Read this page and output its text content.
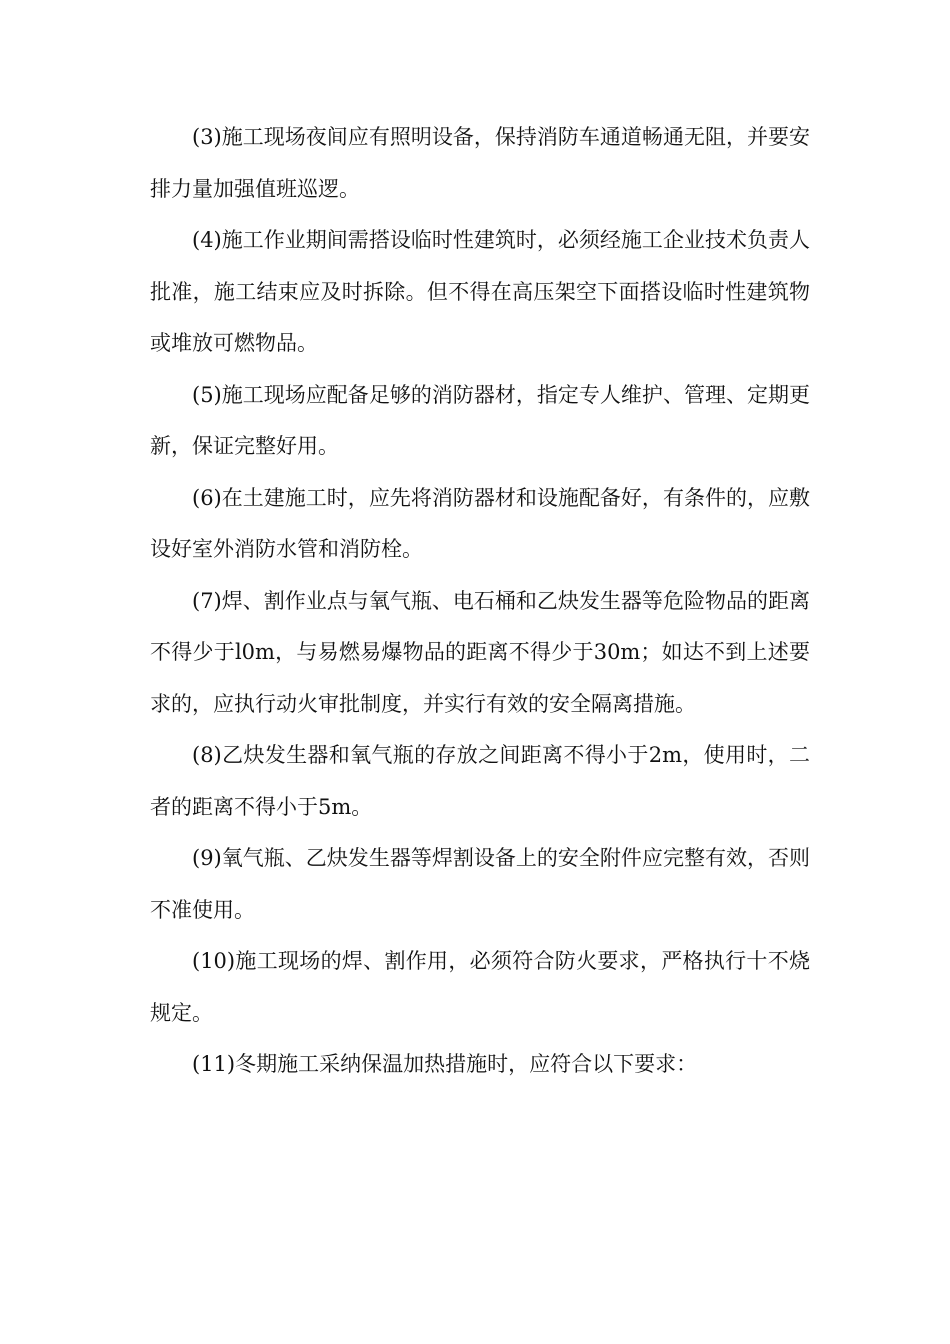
(3)施工现场夜间应有照明设备，保持消防车通道畅通无阻，并要安排力量加强值班巡逻。

(4)施工作业期间需搭设临时性建筑时，必须经施工企业技术负责人批准，施工结束应及时拆除。但不得在高压架空下面搭设临时性建筑物或堆放可燃物品。

(5)施工现场应配备足够的消防器材，指定专人维护、管理、定期更新，保证完整好用。

(6)在土建施工时，应先将消防器材和设施配备好，有条件的，应敷设好室外消防水管和消防栓。

(7)焊、割作业点与氧气瓶、电石桶和乙炔发生器等危险物品的距离不得少于l0m，与易燃易爆物品的距离不得少于30m；如达不到上述要求的，应执行动火审批制度，并实行有效的安全隔离措施。

(8)乙炔发生器和氧气瓶的存放之间距离不得小于2m，使用时，二者的距离不得小于5m。

(9)氧气瓶、乙炔发生器等焊割设备上的安全附件应完整有效，否则不准使用。

(10)施工现场的焊、割作用，必须符合防火要求，严格执行十不烧规定。

(11)冬期施工采纳保温加热措施时，应符合以下要求：
